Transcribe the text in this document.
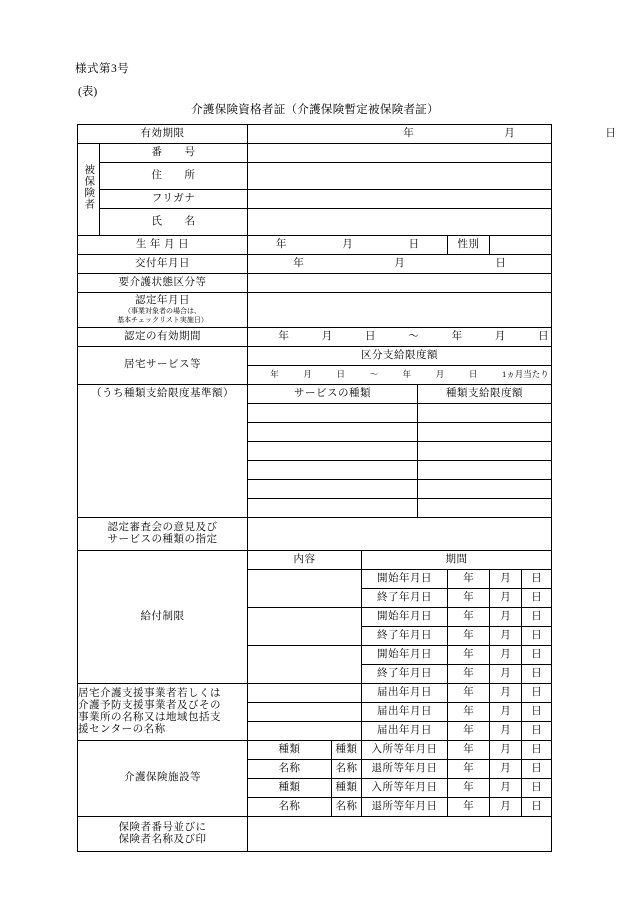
様式第3号
(表)
介護保険資格者証（介護保険暫定被保険者証）
有効期限		年 月 日						

被保険者	番　　号							
	住　　所							
	フリガナ							
	氏　　名							
生 年 月 日		年 月 日				性別		
交付年月日		年 月 日						

要介護状態区分等								

認定年月日
（事業対象者の場合は、
基本チェックリスト実施日）								

認定の有効期間	年	月	日	～	年	月	日

居宅サービス等		区分支給限度額						

年	月	日	～	年	月	日	1ヵ月当たり

（うち種類支給限度基準額）		サービスの種類			種類支給限度額			

認定審査会の意見及び
サービスの種類の指定								

給付制限		内容		期間				
				開始年月日		年	月	日
				終了年月日		年	月	日
				開始年月日		年	月	日
				終了年月日		年	月	日
				開始年月日		年	月	日
				終了年月日		年	月	日

居宅介護支援事業者若しくは
介護予防支援事業者及びその
事業所の名称又は地域包括支
援センターの名称				届出年月日		年	月	日
				届出年月日		年	月	日
				届出年月日		年	月	日
介護保険施設等		種類	種類	入所等年月日		年	月	日
		名称	名称	退所等年月日		年	月	日
		種類	種類	入所等年月日		年	月	日
		名称	名称	退所等年月日		年	月	日

保険者番号並びに
保険者名称及び印								
